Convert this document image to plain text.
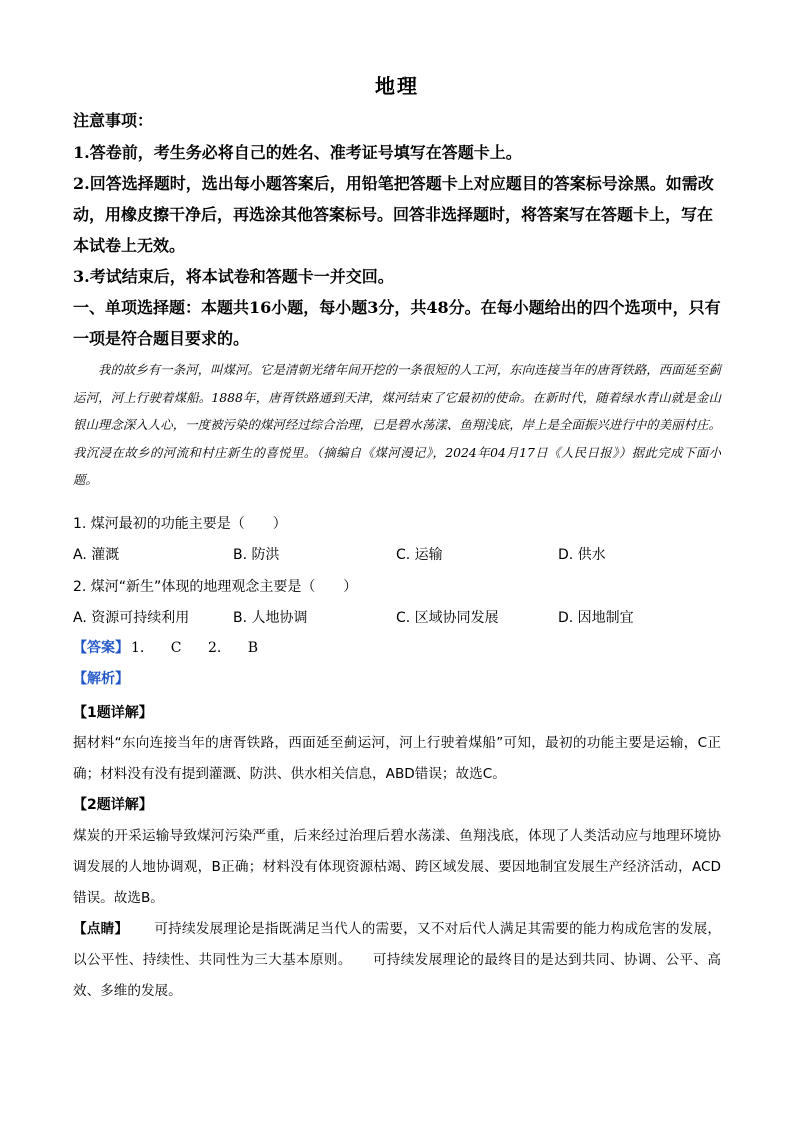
地理
注意事项：
1.答卷前，考生务必将自己的姓名、准考证号填写在答题卡上。
2.回答选择题时，选出每小题答案后，用铅笔把答题卡上对应题目的答案标号涂黑。如需改动，用橡皮擦干净后，再选涂其他答案标号。回答非选择题时，将答案写在答题卡上，写在本试卷上无效。
3.考试结束后，将本试卷和答题卡一并交回。
一、单项选择题：本题共16小题，每小题3分，共48分。在每小题给出的四个选项中，只有一项是符合题目要求的。
我的故乡有一条河，叫煤河。它是清朝光绪年间开挖的一条很短的人工河，东向连接当年的唐胥铁路，西面延至蓟运河，河上行驶着煤船。1888年，唐胥铁路通到天津，煤河结束了它最初的使命。在新时代，随着绿水青山就是金山银山理念深入人心，一度被污染的煤河经过综合治理，已是碧水荡漾、鱼翔浅底，岸上是全面振兴进行中的美丽村庄。我沉浸在故乡的河流和村庄新生的喜悦里。（摘编自《煤河漫记》，2024年04月17日《人民日报》）据此完成下面小题。
1. 煤河最初的功能主要是（　　）
A. 灌溉	B. 防洪	C. 运输	D. 供水
2. 煤河“新生”体现的地理观念主要是（　　）
A. 资源可持续利用	B. 人地协调	C. 区域协同发展	D. 因地制宜
【答案】 1. C 2. B
【解析】
【1题详解】
据材料“东向连接当年的唐胥铁路，西面延至蓟运河，河上行驶着煤船”可知，最初的功能主要是运输，C正确；材料没有没有提到灌溉、防洪、供水相关信息，ABD错误；故选C。
【2题详解】
煤炭的开采运输导致煤河污染严重，后来经过治理后碧水荡漾、鱼翔浅底，体现了人类活动应与地理环境协调发展的人地协调观，B正确；材料没有体现资源枯竭、跨区域发展、要因地制宜发展生产经济活动，ACD错误。故选B。
【点睛】 可持续发展理论是指既满足当代人的需要，又不对后代人满足其需要的能力构成危害的发展，以公平性、持续性、共同性为三大基本原则。　　可持续发展理论的最终目的是达到共同、协调、公平、高效、多维的发展。
